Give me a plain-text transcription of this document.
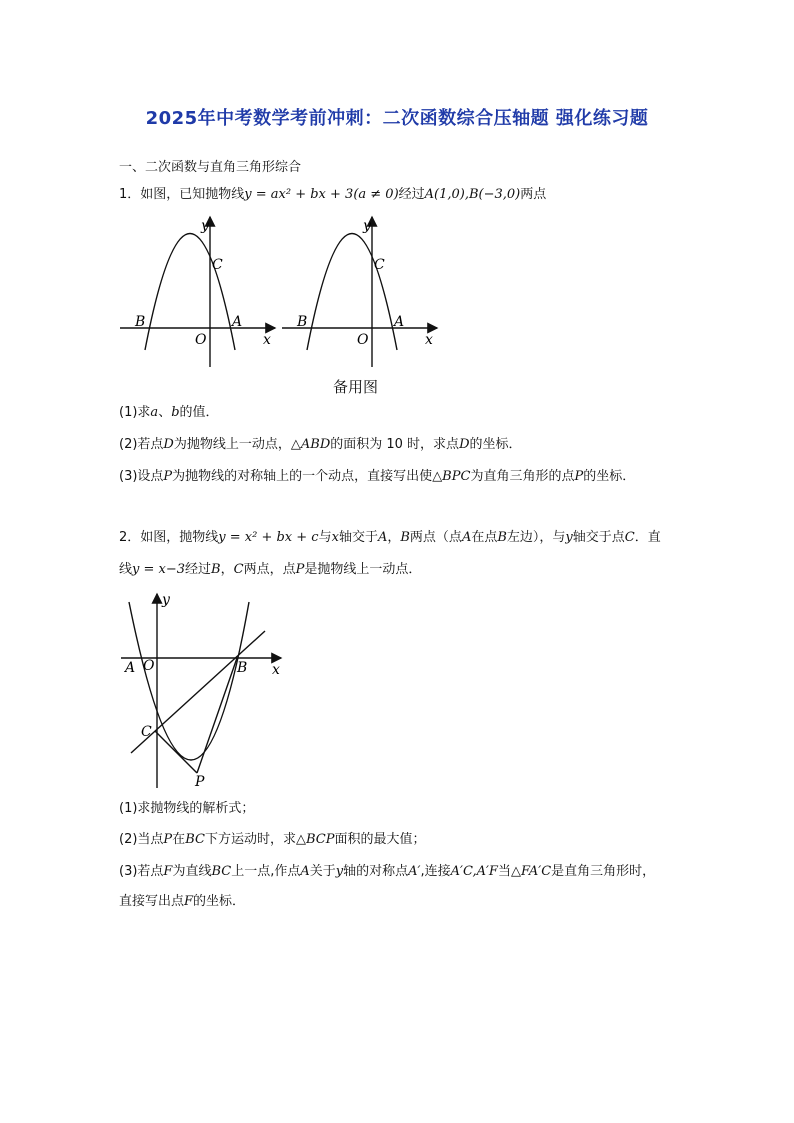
2025年中考数学考前冲刺：二次函数综合压轴题 强化练习题
一、二次函数与直角三角形综合
1．如图，已知抛物线y = ax² + bx + 3(a ≠ 0)经过A(1,0),B(−3,0)两点
y
x
C
B	A
O
y
x
C
B	A
O
备用图
(1)求a、b的值．
(2)若点D为抛物线上一动点，△ABD的面积为 10 时，求点D的坐标．
(3)设点P为抛物线的对称轴上的一个动点，直接写出使△BPC为直角三角形的点P的坐标．
2．如图，抛物线y = x² + bx + c与x轴交于A，B两点（点A在点B左边），与y轴交于点C．直
线y = x−3经过B，C两点，点P是抛物线上一动点．
y
x
A O	B
C
P
(1)求抛物线的解析式；
(2)当点P在BC下方运动时，求△BCP面积的最大值；
(3)若点F为直线BC上一点,作点A关于y轴的对称点A′,连接A′C,A′F当△FA′C是直角三角形时，
直接写出点F的坐标．
